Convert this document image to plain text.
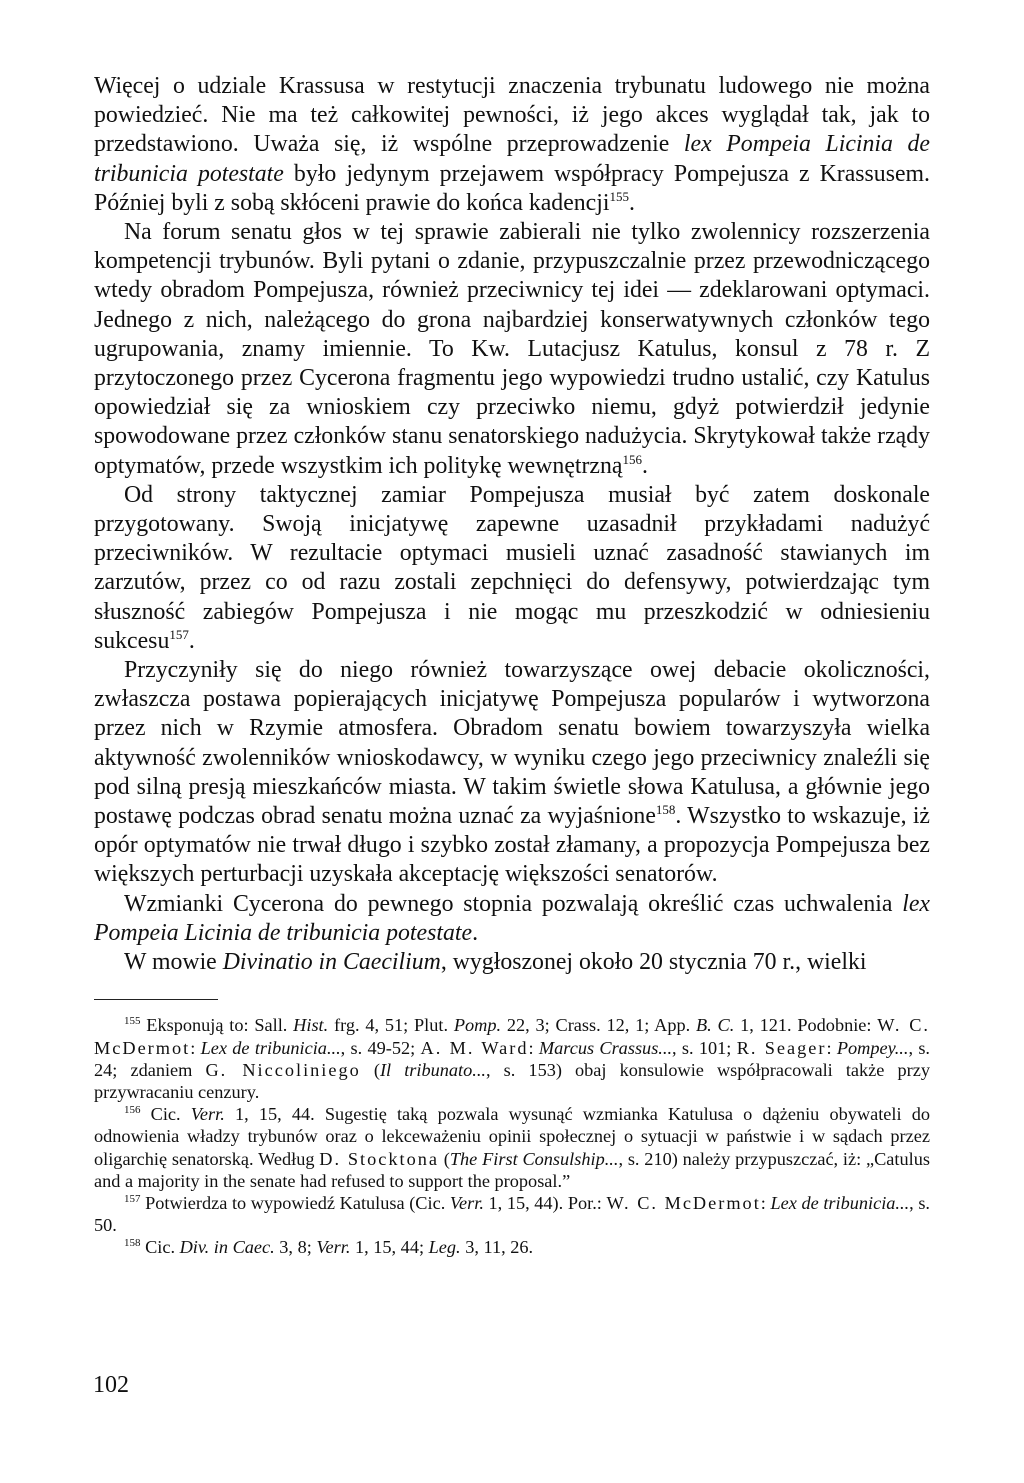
Więcej o udziale Krassusa w restytucji znaczenia trybunatu ludowego nie można powiedzieć. Nie ma też całkowitej pewności, iż jego akces wyglądał tak, jak to przedstawiono. Uważa się, iż wspólne przeprowadzenie lex Pompeia Licinia de tribunicia potestate było jedynym przejawem współpracy Pompejusza z Krassusem. Później byli z sobą skłóceni prawie do końca kadencji$^{155}$.

Na forum senatu głos w tej sprawie zabierali nie tylko zwolennicy rozszerzenia kompetencji trybunów. Byli pytani o zdanie, przypuszczalnie przez przewodniczącego wtedy obradom Pompejusza, również przeciwnicy tej idei — zdeklarowani optymaci. Jednego z nich, należącego do grona najbardziej konserwatywnych członków tego ugrupowania, znamy imiennie. To Kw. Lutacjusz Katulus, konsul z 78 r. Z przytoczonego przez Cycerona fragmentu jego wypowiedzi trudno ustalić, czy Katulus opowiedział się za wnioskiem czy przeciwko niemu, gdyż potwierdził jedynie spowodowane przez członków stanu senatorskiego nadużycia. Skrytykował także rządy optymatów, przede wszystkim ich politykę wewnętrzną$^{156}$.

Od strony taktycznej zamiar Pompejusza musiał być zatem doskonale przygotowany. Swoją inicjatywę zapewne uzasadnił przykładami nadużyć przeciwników. W rezultacie optymaci musieli uznać zasadność stawianych im zarzutów, przez co od razu zostali zepchnięci do defensywy, potwierdzając tym słuszność zabiegów Pompejusza i nie mogąc mu przeszkodzić w odniesieniu sukcesu$^{157}$.

Przyczyniły się do niego również towarzyszące owej debacie okoliczności, zwłaszcza postawa popierających inicjatywę Pompejusza popularów i wytworzona przez nich w Rzymie atmosfera. Obradom senatu bowiem towarzyszyła wielka aktywność zwolenników wnioskodawcy, w wyniku czego jego przeciwnicy znaleźli się pod silną presją mieszkańców miasta. W takim świetle słowa Katulusa, a głównie jego postawę podczas obrad senatu można uznać za wyjaśnione$^{158}$. Wszystko to wskazuje, iż opór optymatów nie trwał długo i szybko został złamany, a propozycja Pompejusza bez większych perturbacji uzyskała akceptację większości senatorów.

Wzmianki Cycerona do pewnego stopnia pozwalają określić czas uchwalenia lex Pompeia Licinia de tribunicia potestate.

W mowie Divinatio in Caecilium, wygłoszonej około 20 stycznia 70 r., wielki

$^{155}$ Eksponują to: Sall. Hist. frg. 4, 51; Plut. Pomp. 22, 3; Crass. 12, 1; App. B. C. 1, 121. Podobnie: W. C. McDermot: Lex de tribunicia..., s. 49-52; A. M. Ward: Marcus Crassus..., s. 101; R. Seager: Pompey..., s. 24; zdaniem G. Niccoliniego (Il tribunato..., s. 153) obaj konsulowie współpracowali także przy przywracaniu cenzury.

$^{156}$ Cic. Verr. 1, 15, 44. Sugestię taką pozwala wysunąć wzmianka Katulusa o dążeniu obywateli do odnowienia władzy trybunów oraz o lekceważeniu opinii społecznej o sytuacji w państwie i w sądach przez oligarchię senatorską. Według D. Stocktona (The First Consulship..., s. 210) należy przypuszczać, iż: „Catulus and a majority in the senate had refused to support the proposal.”

$^{157}$ Potwierdza to wypowiedź Katulusa (Cic. Verr. 1, 15, 44). Por.: W. C. McDermot: Lex de tribunicia..., s. 50.

$^{158}$ Cic. Div. in Caec. 3, 8; Verr. 1, 15, 44; Leg. 3, 11, 26.

102
